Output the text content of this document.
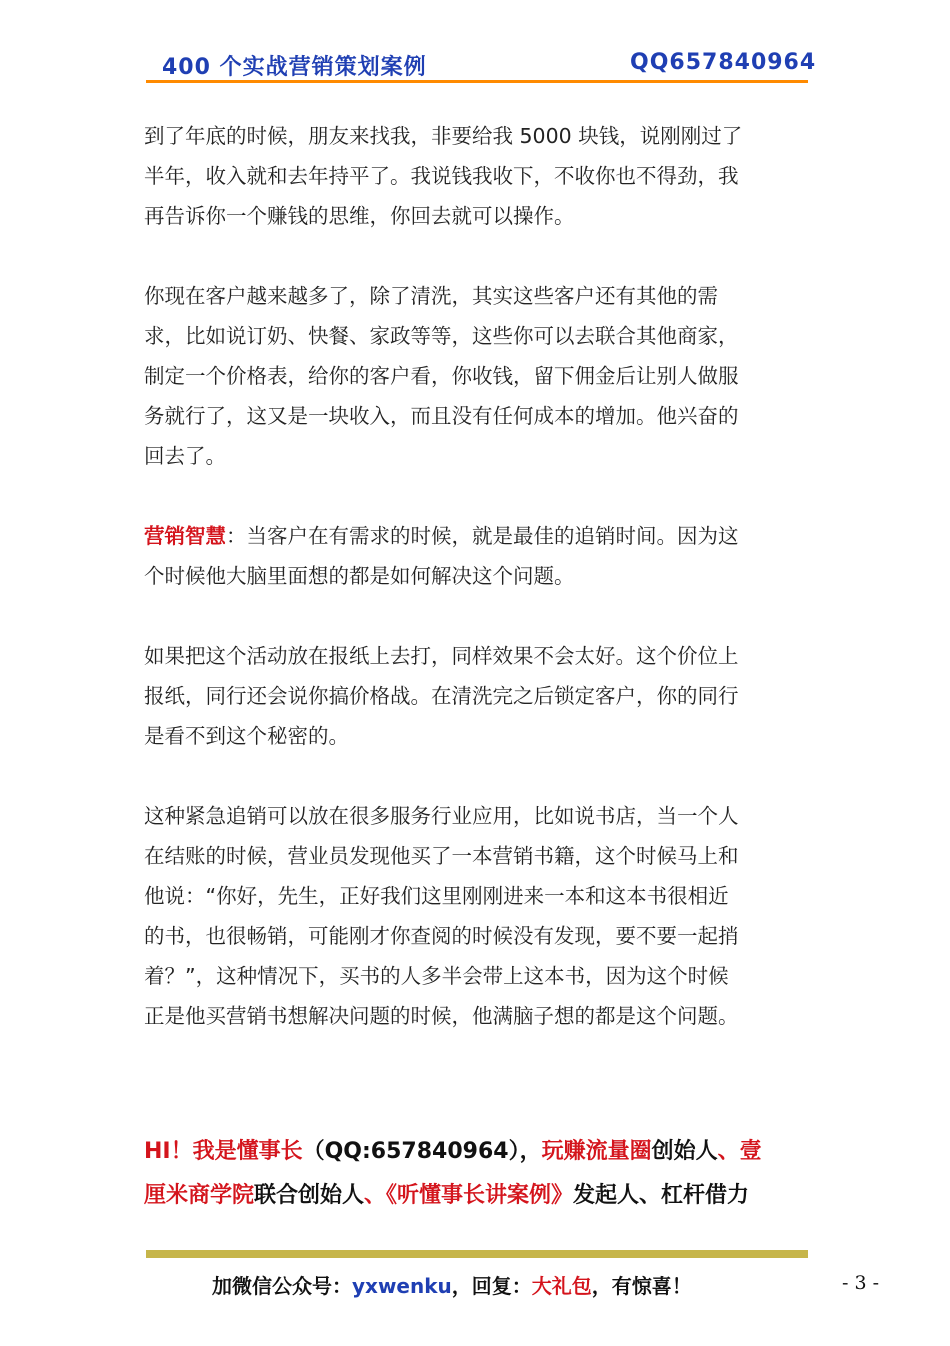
400 个实战营销策划案例	QQ657840964
到了年底的时候，朋友来找我，非要给我 5000 块钱，说刚刚过了
半年，收入就和去年持平了。我说钱我收下，不收你也不得劲，我
再告诉你一个赚钱的思维，你回去就可以操作。
你现在客户越来越多了，除了清洗，其实这些客户还有其他的需
求，比如说订奶、快餐、家政等等，这些你可以去联合其他商家，
制定一个价格表，给你的客户看，你收钱，留下佣金后让别人做服
务就行了，这又是一块收入，而且没有任何成本的增加。他兴奋的
回去了。
营销智慧：当客户在有需求的时候，就是最佳的追销时间。因为这
个时候他大脑里面想的都是如何解决这个问题。
如果把这个活动放在报纸上去打，同样效果不会太好。这个价位上
报纸，同行还会说你搞价格战。在清洗完之后锁定客户，你的同行
是看不到这个秘密的。
这种紧急追销可以放在很多服务行业应用，比如说书店，当一个人
在结账的时候，营业员发现他买了一本营销书籍，这个时候马上和
他说：“你好，先生，正好我们这里刚刚进来一本和这本书很相近
的书，也很畅销，可能刚才你查阅的时候没有发现，要不要一起捎
着？”，这种情况下，买书的人多半会带上这本书，因为这个时候
正是他买营销书想解决问题的时候，他满脑子想的都是这个问题。
HI！我是懂事长（QQ:657840964），玩赚流量圈创始人、壹
厘米商学院联合创始人、《听懂事长讲案例》发起人、杠杆借力
加微信公众号：yxwenku，回复：大礼包，有惊喜！	- 3 -
